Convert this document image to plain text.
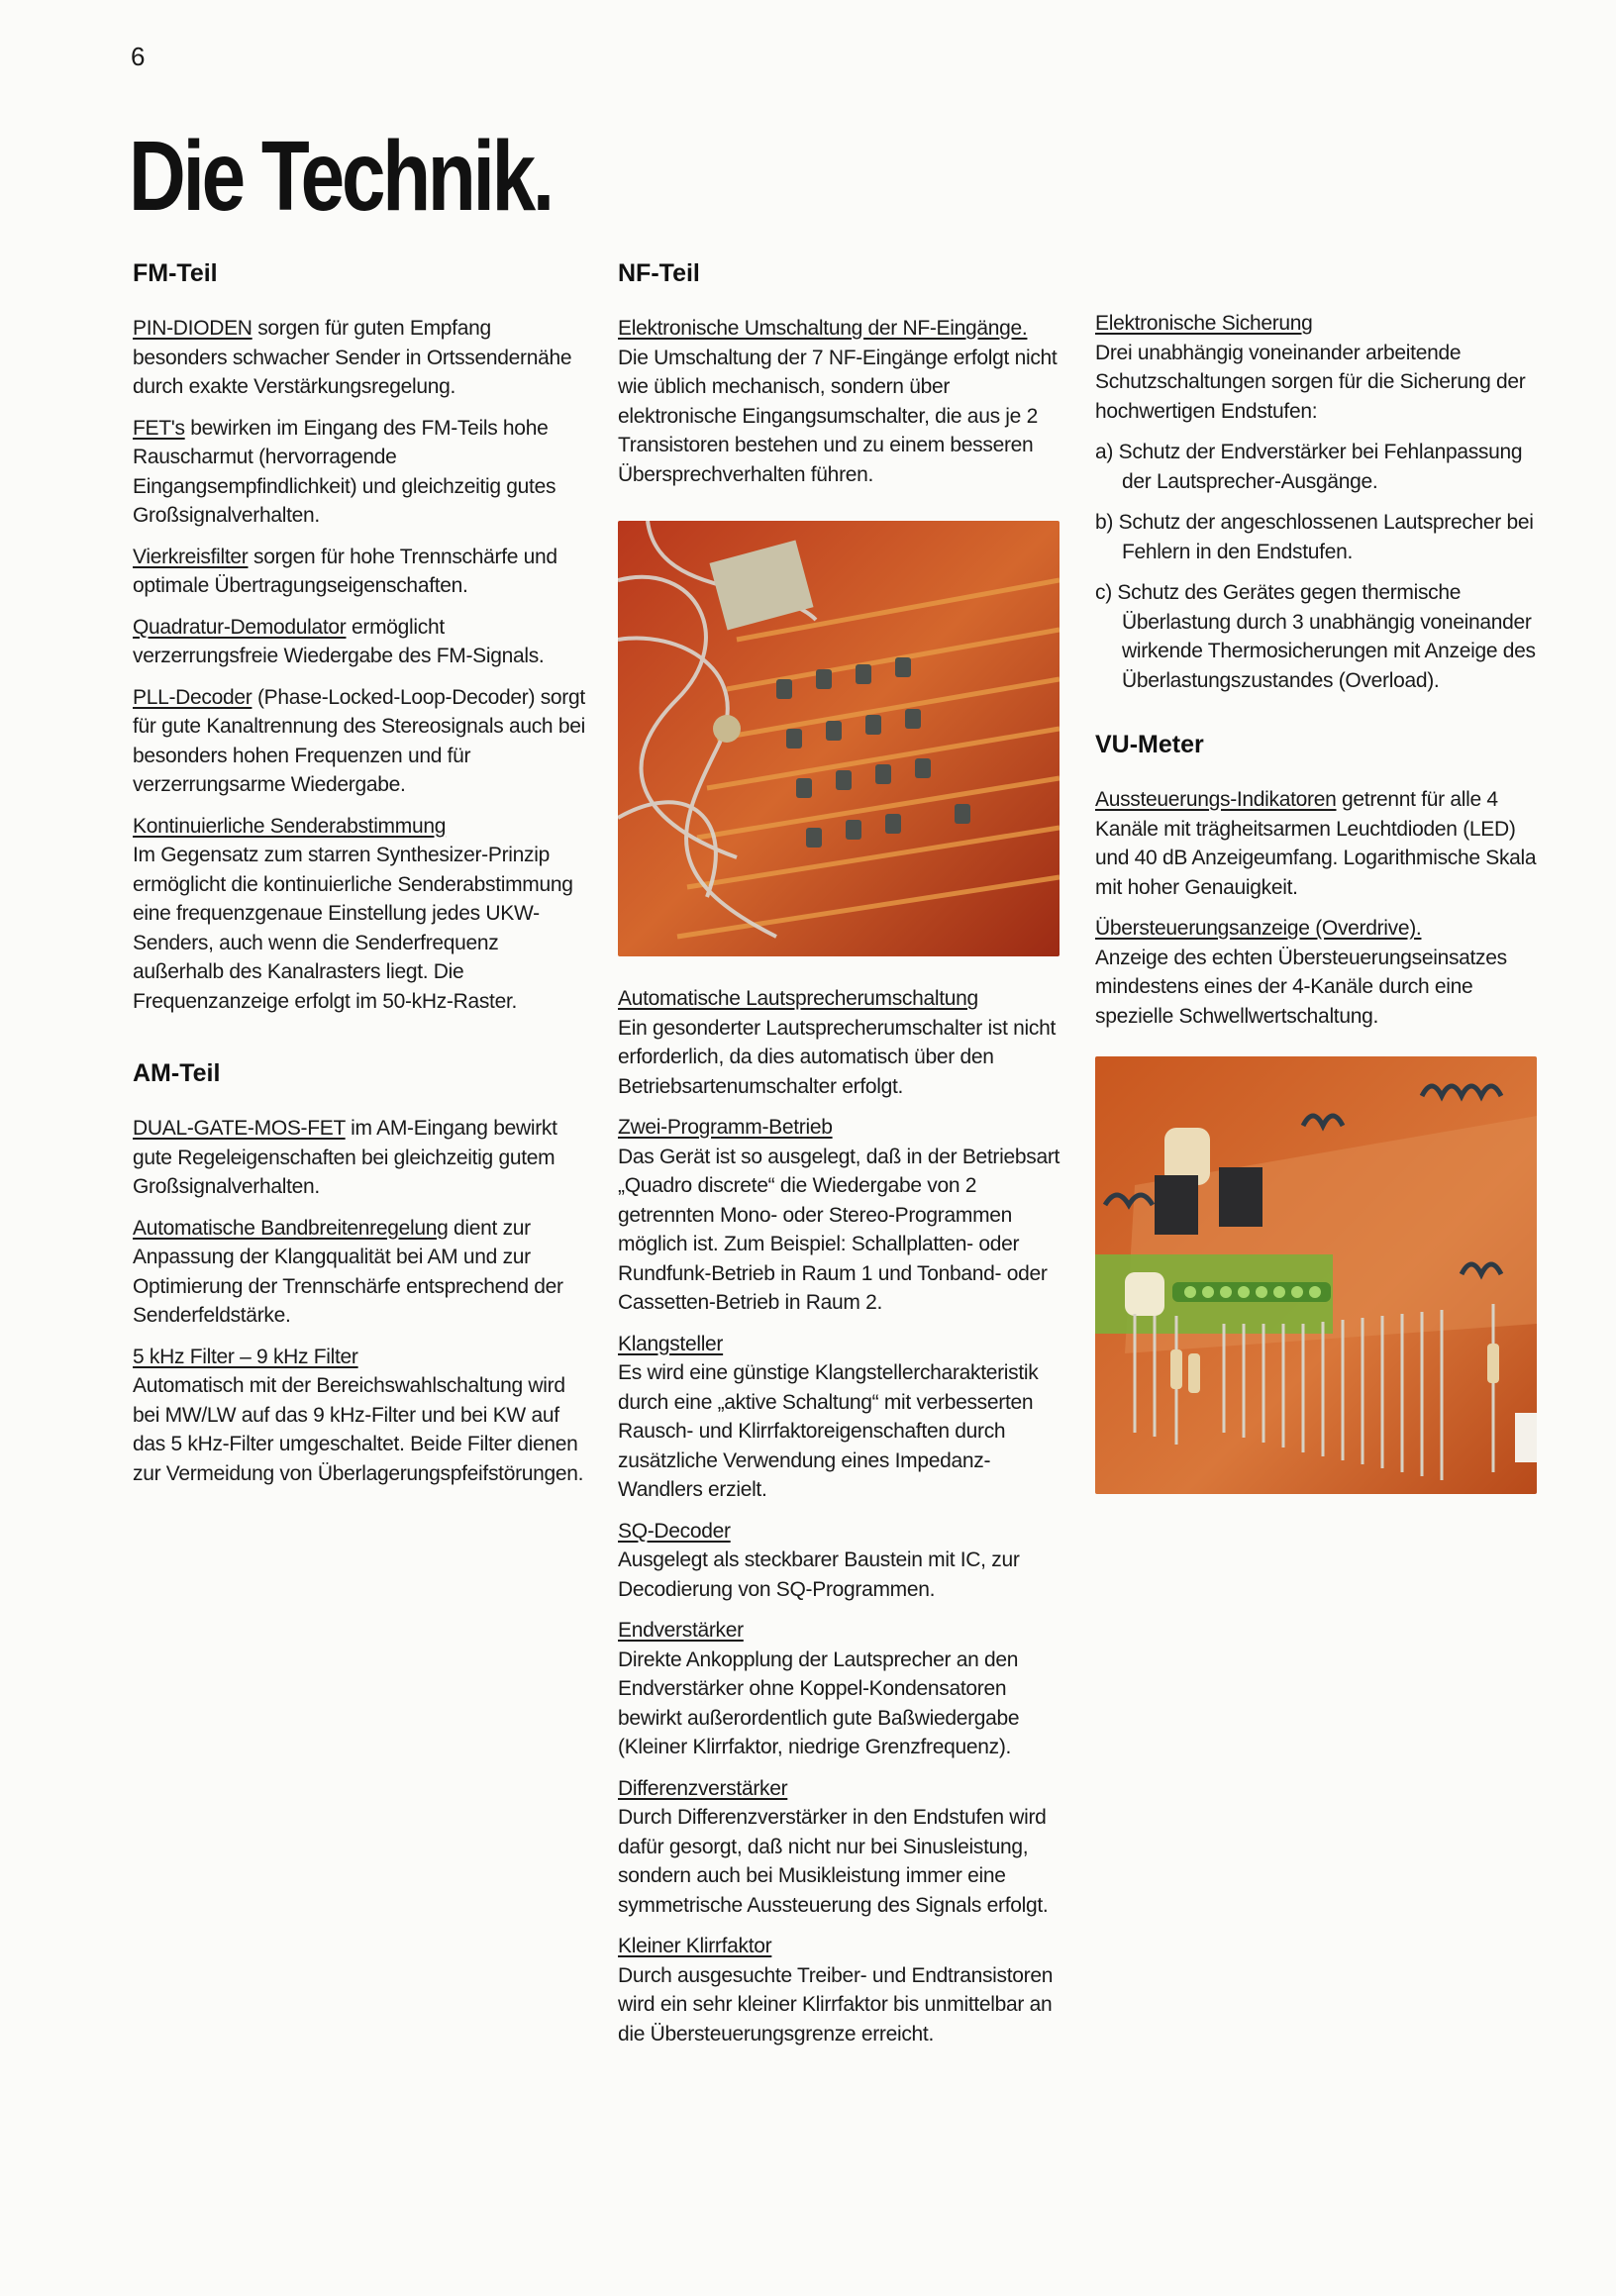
6
Die Technik.
FM-Teil

PIN-DIODEN sorgen für guten Empfang besonders schwacher Sender in Ortssendernähe durch exakte Verstärkungsregelung.

FET's bewirken im Eingang des FM-Teils hohe Rauscharmut (hervorragende Eingangsempfindlichkeit) und gleichzeitig gutes Großsignalverhalten.

Vierkreisfilter sorgen für hohe Trennschärfe und optimale Übertragungseigenschaften.

Quadratur-Demodulator ermöglicht verzerrungsfreie Wiedergabe des FM-Signals.

PLL-Decoder (Phase-Locked-Loop-Decoder) sorgt für gute Kanaltrennung des Stereosignals auch bei besonders hohen Frequenzen und für verzerrungsarme Wiedergabe.

Kontinuierliche Senderabstimmung
Im Gegensatz zum starren Synthesizer-Prinzip ermöglicht die kontinuierliche Senderabstimmung eine frequenzgenaue Einstellung jedes UKW-Senders, auch wenn die Senderfrequenz außerhalb des Kanalrasters liegt. Die Frequenzanzeige erfolgt im 50-kHz-Raster.

AM-Teil

DUAL-GATE-MOS-FET im AM-Eingang bewirkt gute Regeleigenschaften bei gleichzeitig gutem Großsignalverhalten.

Automatische Bandbreitenregelung dient zur Anpassung der Klangqualität bei AM und zur Optimierung der Trennschärfe entsprechend der Senderfeldstärke.

5 kHz Filter – 9 kHz Filter
Automatisch mit der Bereichswahlschaltung wird bei MW/LW auf das 9 kHz-Filter und bei KW auf das 5 kHz-Filter umgeschaltet. Beide Filter dienen zur Vermeidung von Überlagerungspfeifstörungen.

NF-Teil

Elektronische Umschaltung der NF-Eingänge.
Die Umschaltung der 7 NF-Eingänge erfolgt nicht wie üblich mechanisch, sondern über elektronische Eingangsumschalter, die aus je 2 Transistoren bestehen und zu einem besseren Übersprechverhalten führen.

Automatische Lautsprecherumschaltung
Ein gesonderter Lautsprecherumschalter ist nicht erforderlich, da dies automatisch über den Betriebsartenumschalter erfolgt.

Zwei-Programm-Betrieb
Das Gerät ist so ausgelegt, daß in der Betriebsart „Quadro discrete“ die Wiedergabe von 2 getrennten Mono- oder Stereo-Programmen möglich ist. Zum Beispiel: Schallplatten- oder Rundfunk-Betrieb in Raum 1 und Tonband- oder Cassetten-Betrieb in Raum 2.

Klangsteller
Es wird eine günstige Klangstellercharakteristik durch eine „aktive Schaltung“ mit verbesserten Rausch- und Klirrfaktoreigenschaften durch zusätzliche Verwendung eines Impedanz-Wandlers erzielt.

SQ-Decoder
Ausgelegt als steckbarer Baustein mit IC, zur Decodierung von SQ-Programmen.

Endverstärker
Direkte Ankopplung der Lautsprecher an den Endverstärker ohne Koppel-Kondensatoren bewirkt außerordentlich gute Baßwiedergabe (Kleiner Klirrfaktor, niedrige Grenzfrequenz).

Differenzverstärker
Durch Differenzverstärker in den Endstufen wird dafür gesorgt, daß nicht nur bei Sinusleistung, sondern auch bei Musikleistung immer eine symmetrische Aussteuerung des Signals erfolgt.

Kleiner Klirrfaktor
Durch ausgesuchte Treiber- und Endtransistoren wird ein sehr kleiner Klirrfaktor bis unmittelbar an die Übersteuerungsgrenze erreicht.

Elektronische Sicherung
Drei unabhängig voneinander arbeitende Schutzschaltungen sorgen für die Sicherung der hochwertigen Endstufen:

a) Schutz der Endverstärker bei Fehlanpassung der Lautsprecher-Ausgänge.
b) Schutz der angeschlossenen Lautsprecher bei Fehlern in den Endstufen.
c) Schutz des Gerätes gegen thermische Überlastung durch 3 unabhängig voneinander wirkende Thermosicherungen mit Anzeige des Überlastungszustandes (Overload).
VU-Meter

Aussteuerungs-Indikatoren getrennt für alle 4 Kanäle mit trägheitsarmen Leuchtdioden (LED) und 40 dB Anzeigeumfang. Logarithmische Skala mit hoher Genauigkeit.

Übersteuerungsanzeige (Overdrive).
Anzeige des echten Übersteuerungseinsatzes mindestens eines der 4-Kanäle durch eine spezielle Schwellwertschaltung.
